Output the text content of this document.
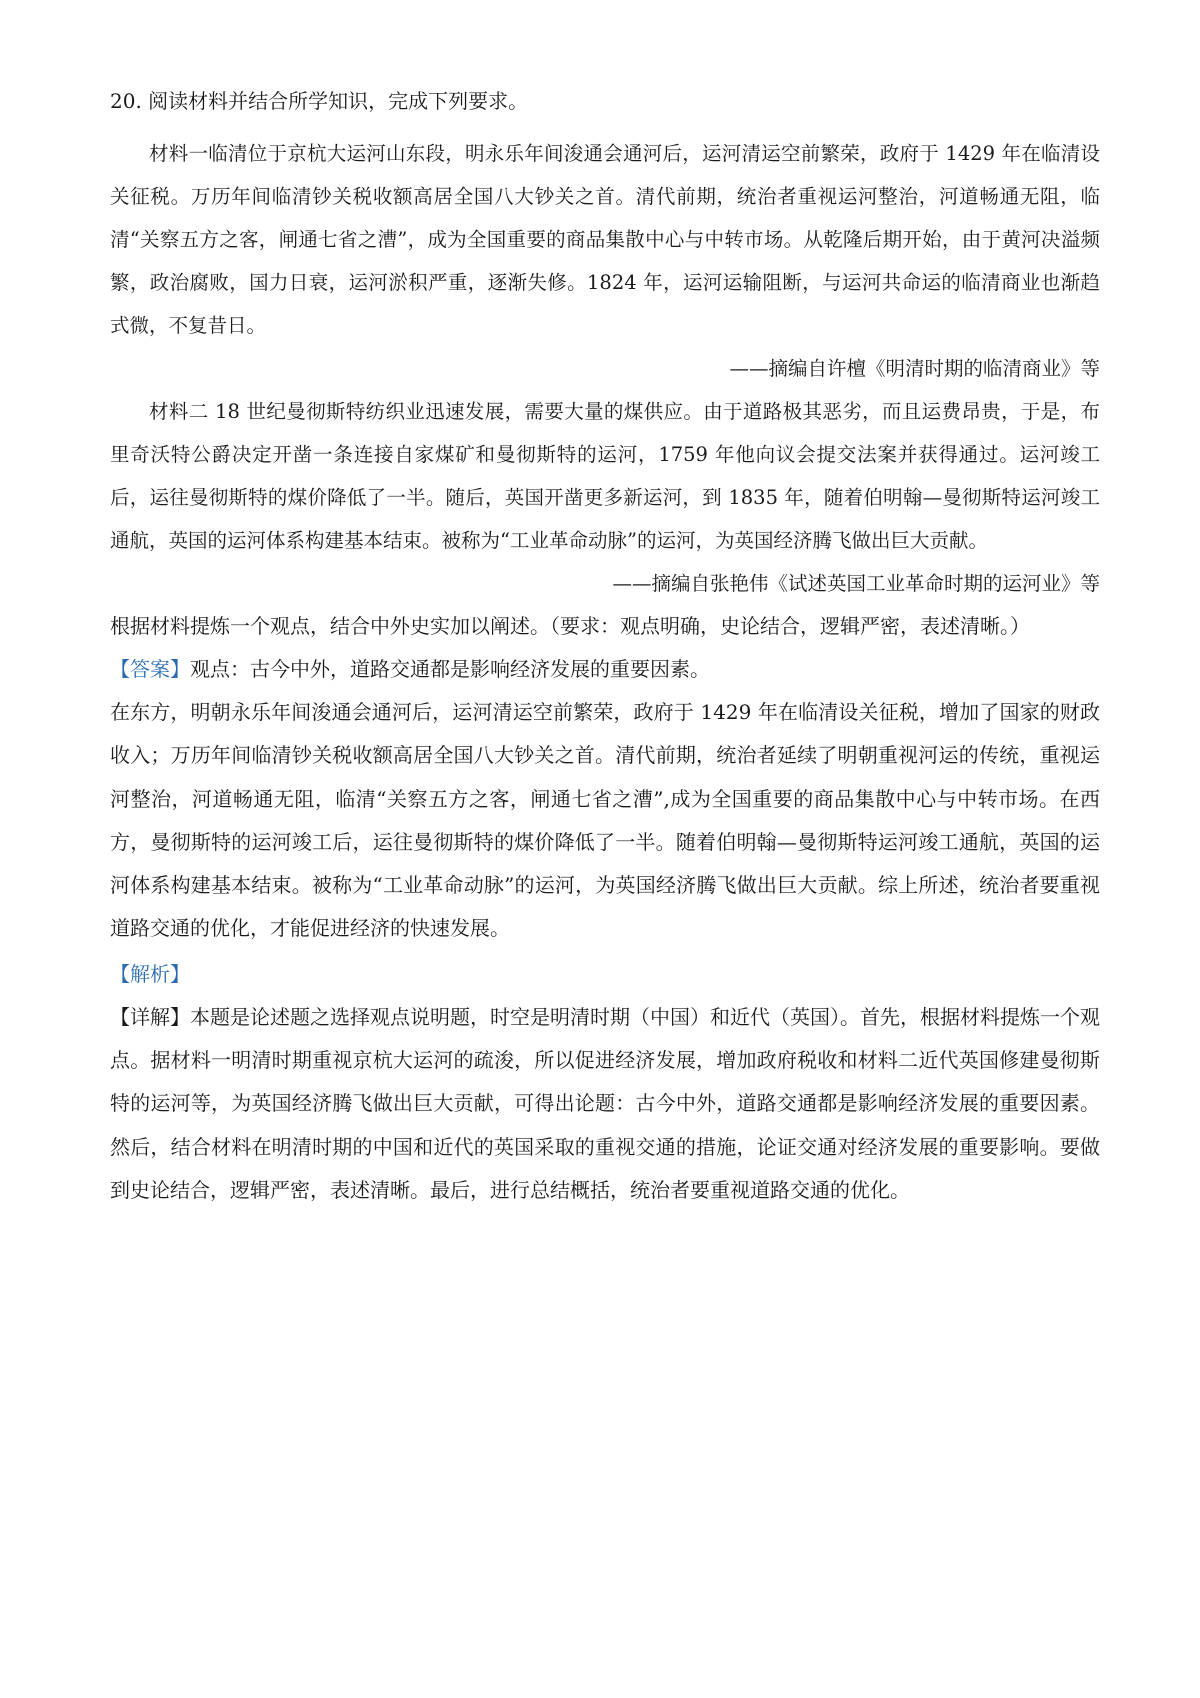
20. 阅读材料并结合所学知识，完成下列要求。

材料一临清位于京杭大运河山东段，明永乐年间浚通会通河后，运河清运空前繁荣，政府于 1429 年在临清设关征税。万历年间临清钞关税收额高居全国八大钞关之首。清代前期，统治者重视运河整治，河道畅通无阻，临清“关察五方之客，闸通七省之漕”，成为全国重要的商品集散中心与中转市场。从乾隆后期开始，由于黄河决溢频繁，政治腐败，国力日衰，运河淤积严重，逐渐失修。1824 年，运河运输阻断，与运河共命运的临清商业也渐趋式微，不复昔日。

——摘编自许檀《明清时期的临清商业》等

材料二 18 世纪曼彻斯特纺织业迅速发展，需要大量的煤供应。由于道路极其恶劣，而且运费昂贵，于是，布里奇沃特公爵决定开凿一条连接自家煤矿和曼彻斯特的运河，1759 年他向议会提交法案并获得通过。运河竣工后，运往曼彻斯特的煤价降低了一半。随后，英国开凿更多新运河，到 1835 年，随着伯明翰—曼彻斯特运河竣工通航，英国的运河体系构建基本结束。被称为“工业革命动脉”的运河，为英国经济腾飞做出巨大贡献。

——摘编自张艳伟《试述英国工业革命时期的运河业》等

根据材料提炼一个观点，结合中外史实加以阐述。（要求：观点明确，史论结合，逻辑严密，表述清晰。）

【答案】观点：古今中外，道路交通都是影响经济发展的重要因素。

在东方，明朝永乐年间浚通会通河后，运河清运空前繁荣，政府于 1429 年在临清设关征税，增加了国家的财政收入；万历年间临清钞关税收额高居全国八大钞关之首。清代前期，统治者延续了明朝重视河运的传统，重视运河整治，河道畅通无阻，临清“关察五方之客，闸通七省之漕”,成为全国重要的商品集散中心与中转市场。在西方，曼彻斯特的运河竣工后，运往曼彻斯特的煤价降低了一半。随着伯明翰—曼彻斯特运河竣工通航，英国的运河体系构建基本结束。被称为“工业革命动脉”的运河，为英国经济腾飞做出巨大贡献。综上所述，统治者要重视道路交通的优化，才能促进经济的快速发展。

【解析】

【详解】本题是论述题之选择观点说明题，时空是明清时期（中国）和近代（英国）。首先，根据材料提炼一个观点。据材料一明清时期重视京杭大运河的疏浚，所以促进经济发展，增加政府税收和材料二近代英国修建曼彻斯特的运河等，为英国经济腾飞做出巨大贡献，可得出论题：古今中外，道路交通都是影响经济发展的重要因素。然后，结合材料在明清时期的中国和近代的英国采取的重视交通的措施，论证交通对经济发展的重要影响。要做到史论结合，逻辑严密，表述清晰。最后，进行总结概括，统治者要重视道路交通的优化。
